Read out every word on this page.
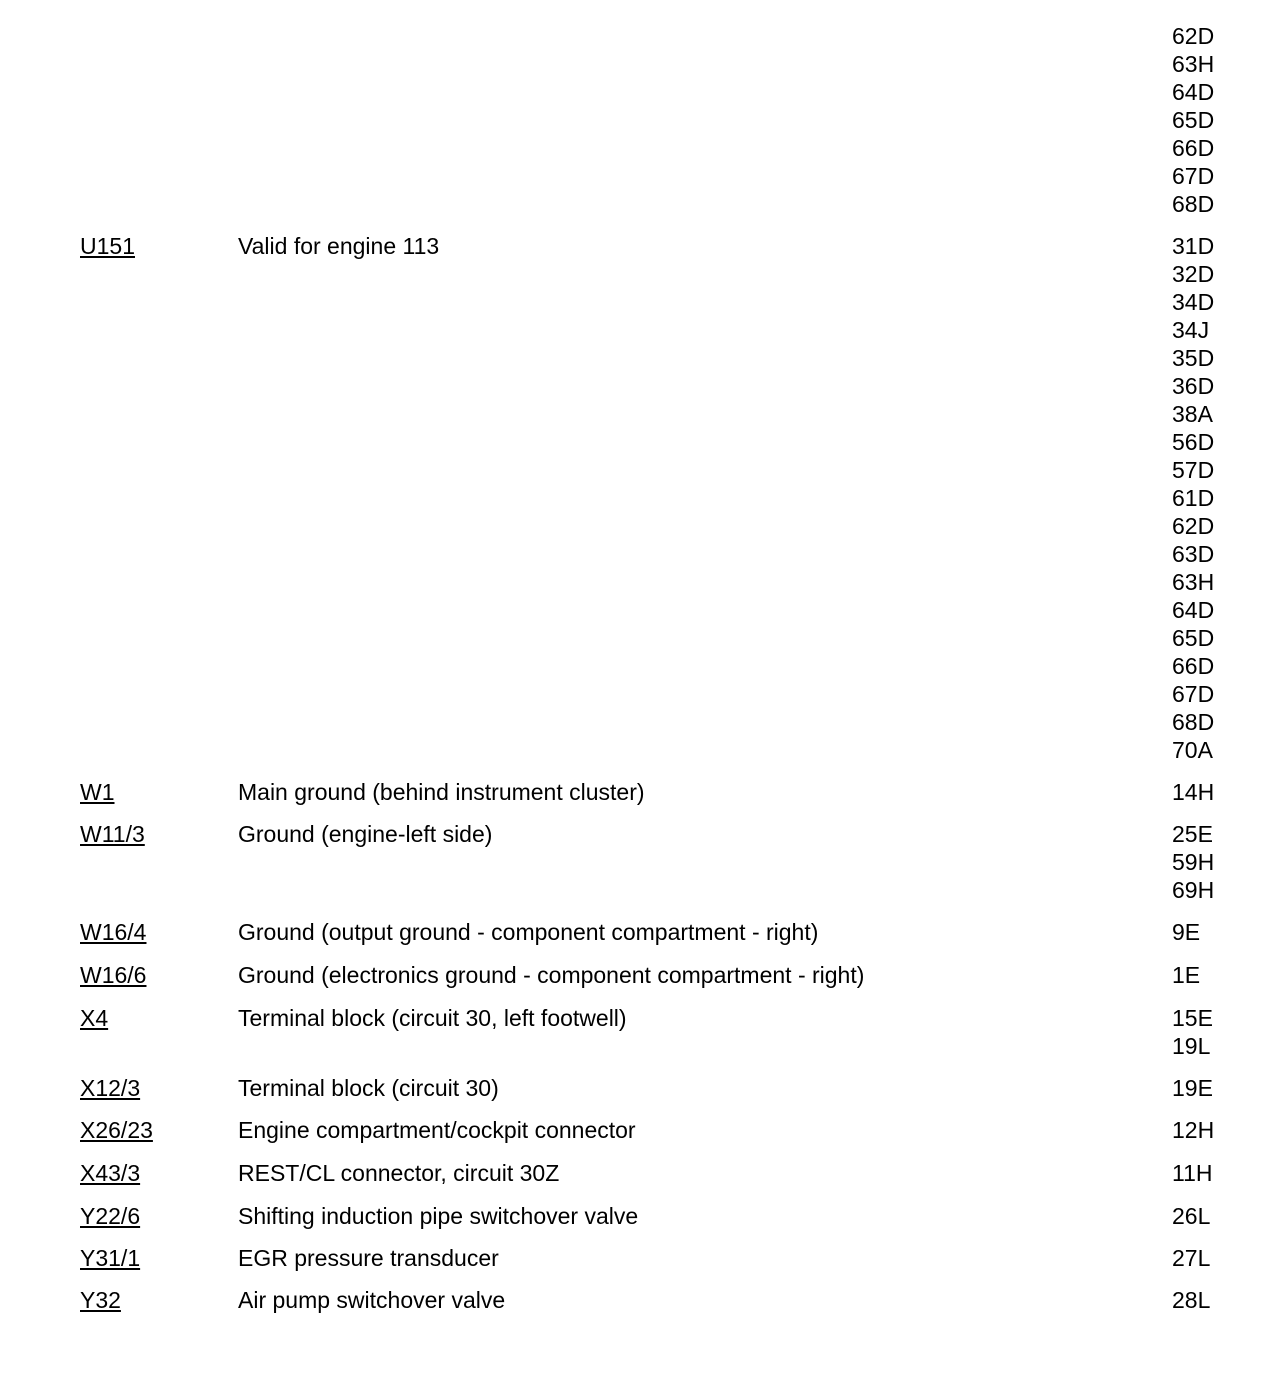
62D
63H
64D
65D
66D
67D
68D
U151	Valid for engine 113	31D
32D
34D
34J
35D
36D
38A
56D
57D
61D
62D
63D
63H
64D
65D
66D
67D
68D
70A
W1	Main ground (behind instrument cluster)	14H
W11/3	Ground (engine-left side)	25E
59H
69H
W16/4	Ground (output ground - component compartment - right)	9E
W16/6	Ground (electronics ground - component compartment - right)	1E
X4	Terminal block (circuit 30, left footwell)	15E
19L
X12/3	Terminal block (circuit 30)	19E
X26/23	Engine compartment/cockpit connector	12H
X43/3	REST/CL connector, circuit 30Z	11H
Y22/6	Shifting induction pipe switchover valve	26L
Y31/1	EGR pressure transducer	27L
Y32	Air pump switchover valve	28L
